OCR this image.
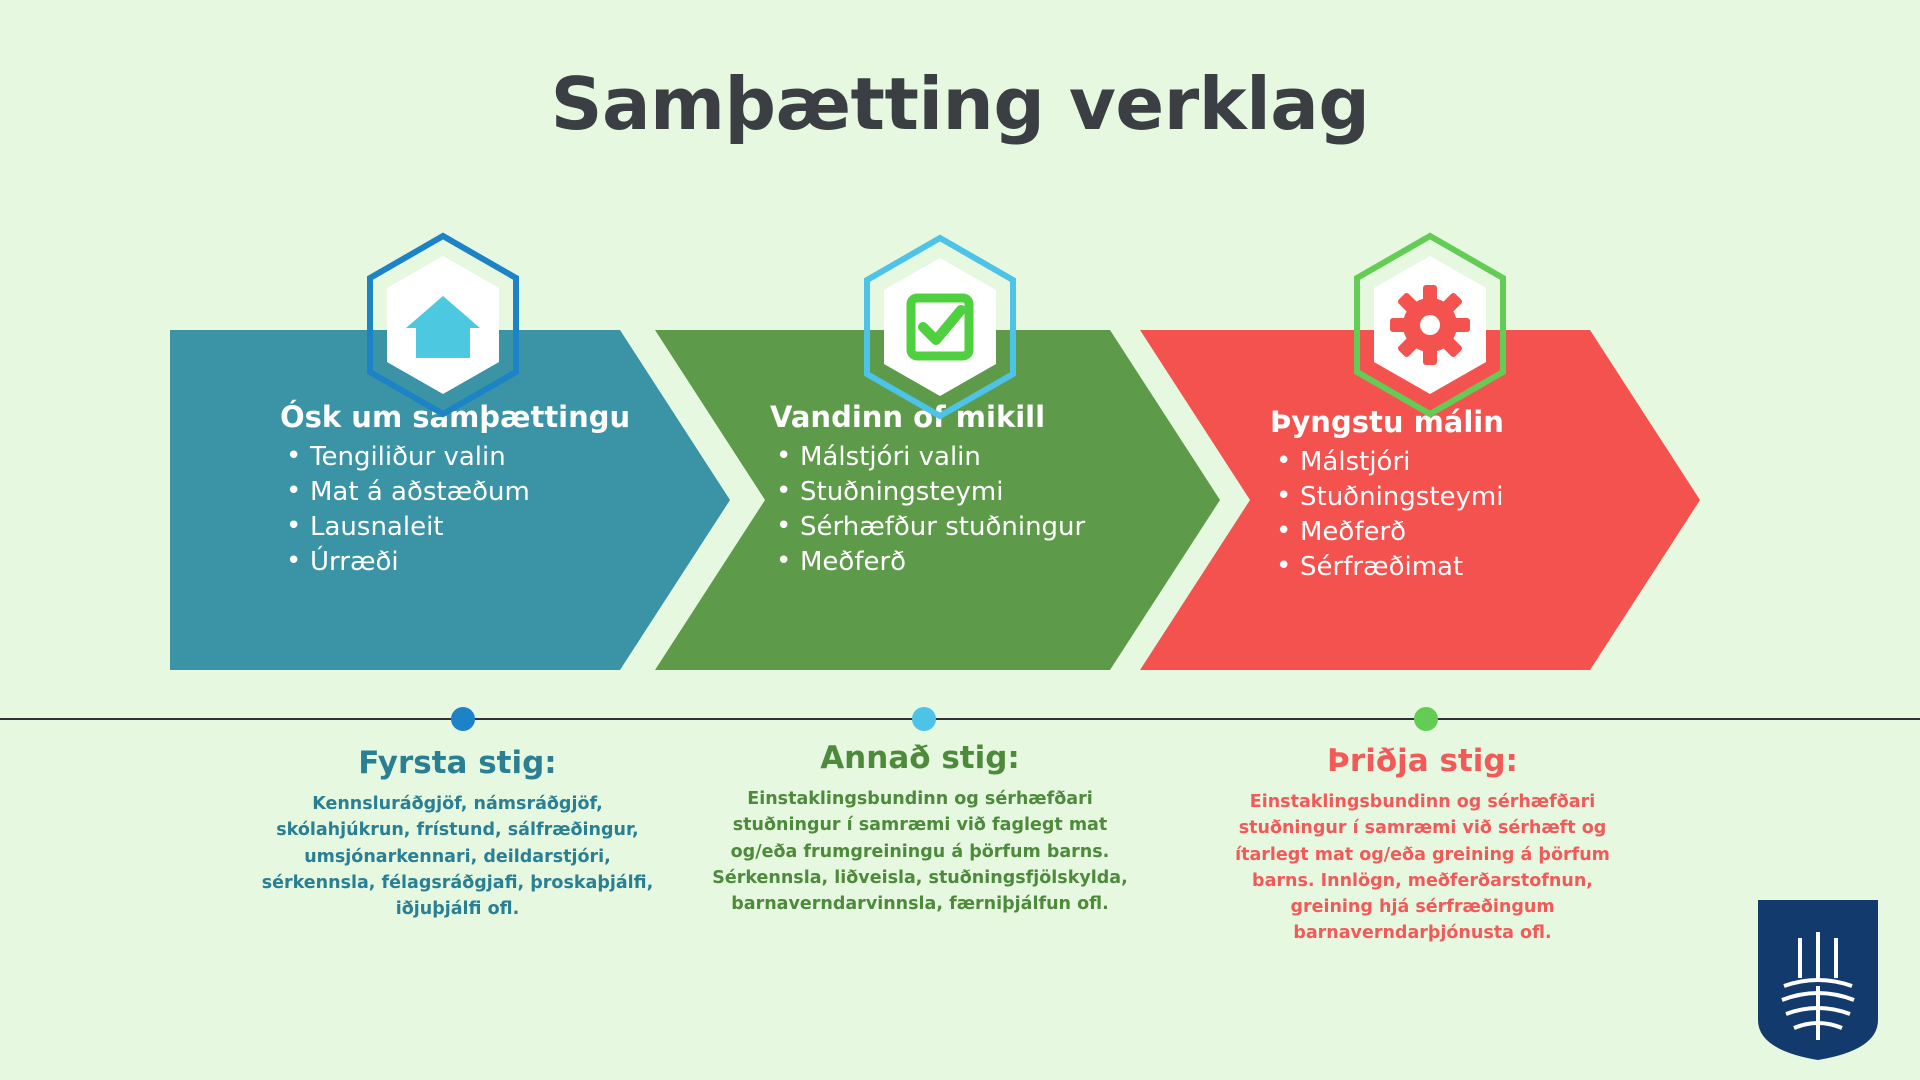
Samþætting verklag
Ósk um samþættingu
• Tengiliður valin
• Mat á aðstæðum
• Lausnaleit
• Úrræði
Vandinn of mikill
• Málstjóri valin
• Stuðningsteymi
• Sérhæfður stuðningur
• Meðferð
Þyngstu málin
• Málstjóri
• Stuðningsteymi
• Meðferð
• Sérfræðimat
Fyrsta stig:

Kennsluráðgjöf, námsráðgjöf, skólahjúkrun, frístund, sálfræðingur, umsjónarkennari, deildarstjóri, sérkennsla, félagsráðgjafi, þroskaþjálfi, iðjuþjálfi ofl.

Annað stig:

Einstaklingsbundinn og sérhæfðari stuðningur í samræmi við faglegt mat og/eða frumgreiningu á þörfum barns. Sérkennsla, liðveisla, stuðningsfjölskylda, barnaverndarvinnsla, færniþjálfun ofl.

Þriðja stig:

Einstaklingsbundinn og sérhæfðari stuðningur í samræmi við sérhæft og ítarlegt mat og/eða greining á þörfum barns. Innlögn, meðferðarstofnun, greining hjá sérfræðingum barnaverndarþjónusta ofl.
